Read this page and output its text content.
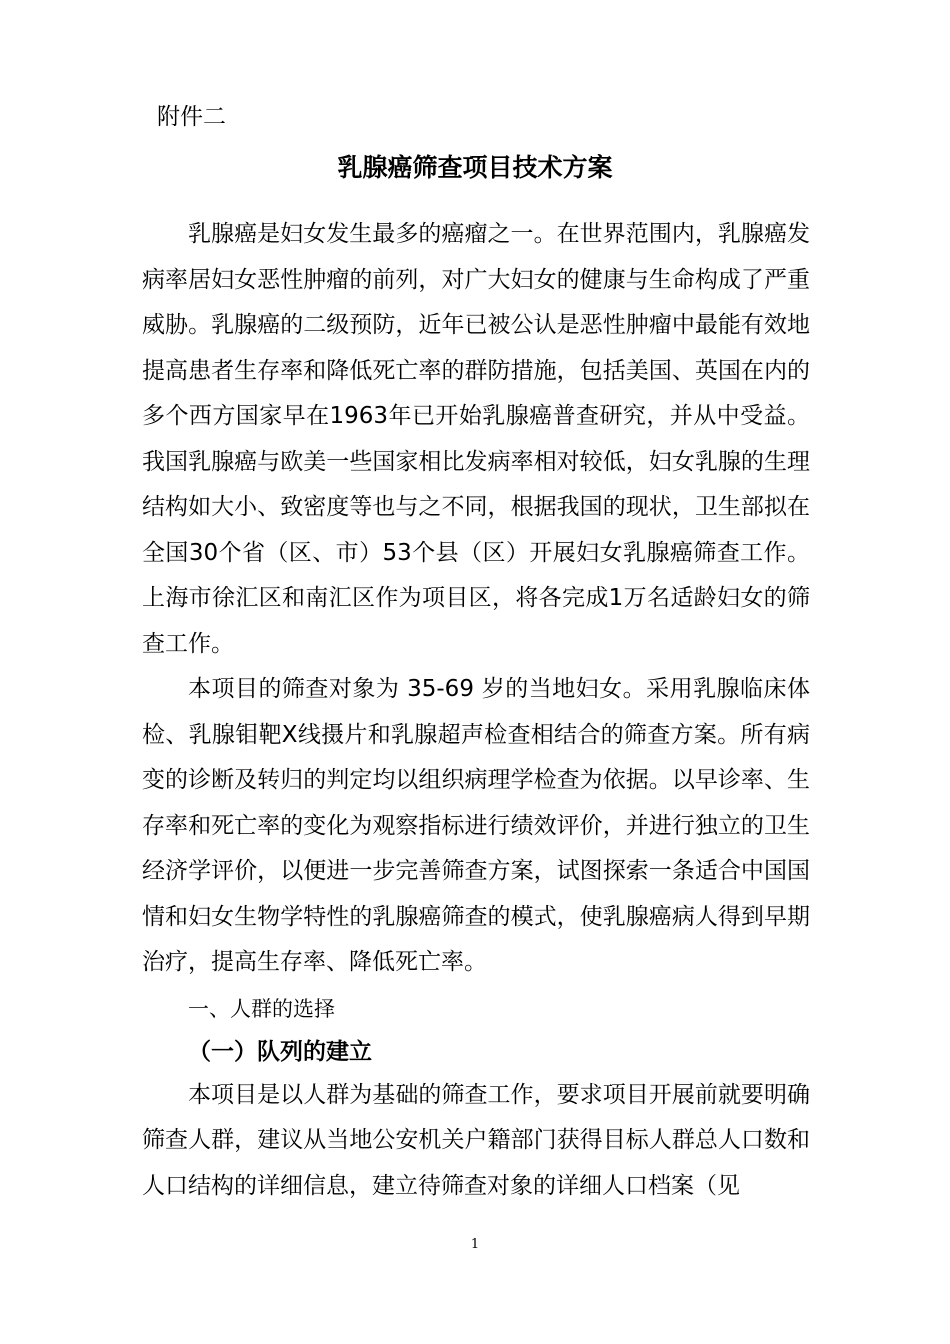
附件二
乳腺癌筛查项目技术方案

乳腺癌是妇女发生最多的癌瘤之一。在世界范围内，乳腺癌发病率居妇女恶性肿瘤的前列，对广大妇女的健康与生命构成了严重威胁。乳腺癌的二级预防，近年已被公认是恶性肿瘤中最能有效地提高患者生存率和降低死亡率的群防措施，包括美国、英国在内的多个西方国家早在1963年已开始乳腺癌普查研究，并从中受益。我国乳腺癌与欧美一些国家相比发病率相对较低，妇女乳腺的生理结构如大小、致密度等也与之不同，根据我国的现状，卫生部拟在全国30个省（区、市）53个县（区）开展妇女乳腺癌筛查工作。上海市徐汇区和南汇区作为项目区，将各完成1万名适龄妇女的筛查工作。

本项目的筛查对象为 35-69 岁的当地妇女。采用乳腺临床体检、乳腺钼靶X线摄片和乳腺超声检查相结合的筛查方案。所有病变的诊断及转归的判定均以组织病理学检查为依据。以早诊率、生存率和死亡率的变化为观察指标进行绩效评价，并进行独立的卫生经济学评价，以便进一步完善筛查方案，试图探索一条适合中国国情和妇女生物学特性的乳腺癌筛查的模式，使乳腺癌病人得到早期治疗，提高生存率、降低死亡率。

一、人群的选择

（一）队列的建立

本项目是以人群为基础的筛查工作，要求项目开展前就要明确筛查人群，建议从当地公安机关户籍部门获得目标人群总人口数和人口结构的详细信息，建立待筛查对象的详细人口档案（见

1
